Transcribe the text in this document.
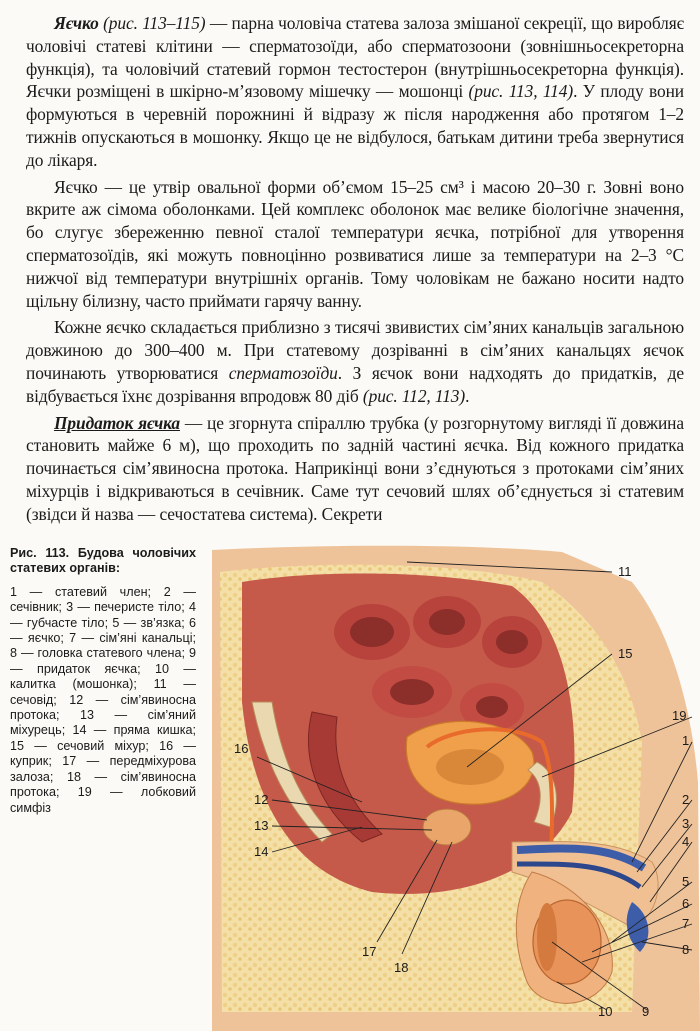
Яєчко (рис. 113–115) — парна чоловіча статева залоза змішаної секреції, що виробляє чоловічі статеві клітини — сперматозоїди, або сперматозоони (зовнішньосекреторна функція), та чоловічий статевий гормон тестостерон (внутрішньосекреторна функція). Яєчки розміщені в шкірно-м’язовому мішечку — мошонці (рис. 113, 114). У плоду вони формуються в черевній порожнині й відразу ж після народження або протягом 1–2 тижнів опускаються в мошонку. Якщо це не відбулося, батькам дитини треба звернутися до лікаря.

Яєчко — це утвір овальної форми об’ємом 15–25 см³ і масою 20–30 г. Зовні воно вкрите аж сімома оболонками. Цей комплекс оболонок має велике біологічне значення, бо слугує збереженню певної сталої температури яєчка, потрібної для утворення сперматозоїдів, які можуть повноцінно розвиватися лише за температури на 2–3 °С нижчої від температури внутрішніх органів. Тому чоловікам не бажано носити надто щільну білизну, часто приймати гарячу ванну.

Кожне яєчко складається приблизно з тисячі звивистих сім’яних канальців загальною довжиною до 300–400 м. При статевому дозріванні в сім’яних канальцях яєчок починають утворюватися сперматозоїди. З яєчок вони надходять до придатків, де відбувається їхнє дозрівання впродовж 80 діб (рис. 112, 113).

Придаток яєчка — це згорнута спіраллю трубка (у розгорнутому вигляді її довжина становить майже 6 м), що проходить по задній частині яєчка. Від кожного придатка починається сім’явиносна протока. Наприкінці вони з’єднуються з протоками сім’яних міхурців і відкриваються в сечівник. Саме тут сечовий шлях об’єднується зі статевим (звідси й назва — сечостатева система). Секрети

Рис. 113. Будова чоловічих статевих органів:
1 — статевий член; 2 — сечівник; 3 — печеристе тіло; 4 — губчасте тіло; 5 — зв’язка; 6 — яєчко; 7 — сім’яні канальці; 8 — головка статевого члена; 9 — придаток яєчка; 10 — калитка (мошонка); 11 — сечовід; 12 — сім’явиносна протока; 13 — сім’яний міхурець; 14 — пряма кишка; 15 — сечовий міхур; 16 — куприк; 17 — передміхурова залоза; 18 — сім’явиносна протока; 19 — лобковий симфіз
11
15
19
1
2
3
4
5
6
7
8
9
10
16
12
13
14
17
18
